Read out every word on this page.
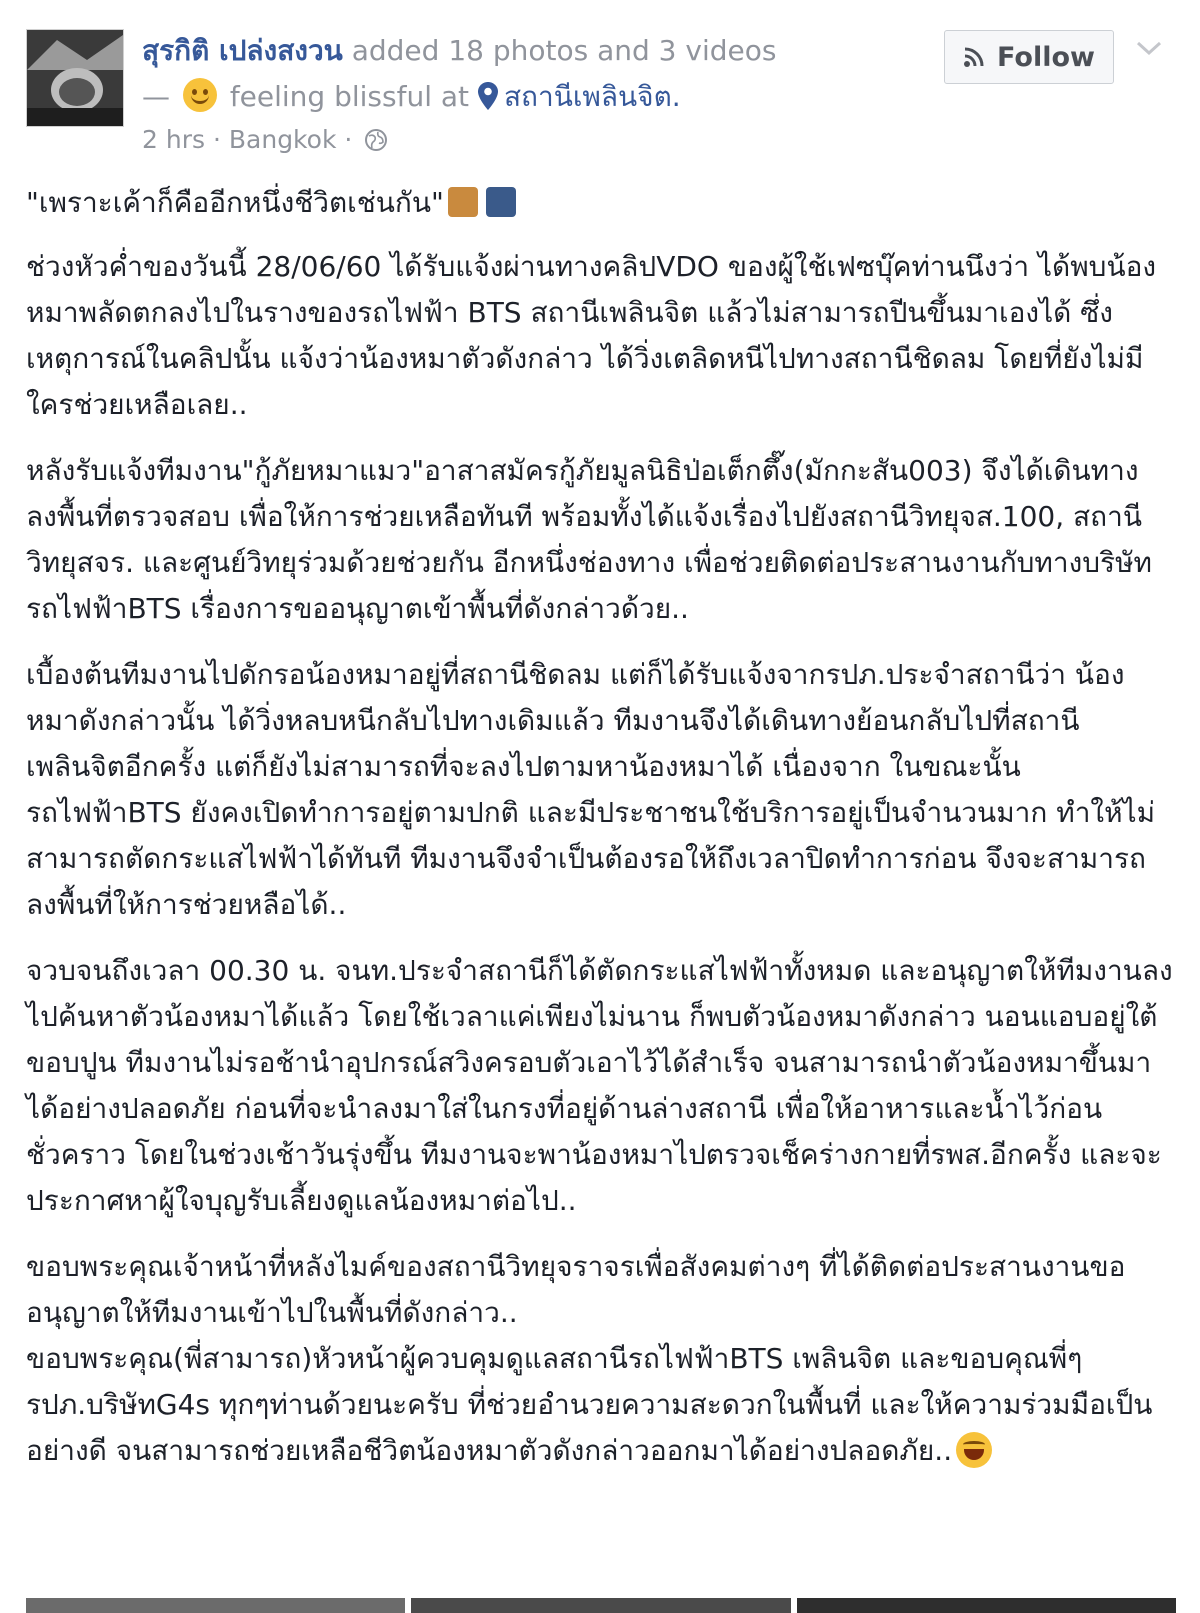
สุรกิติ เปล่งสงวน added 18 photos and 3 videos
— feeling blissful at สถานีเพลินจิต.
2 hrs · Bangkok ·
Follow

"เพราะเค้าก็คืออีกหนึ่งชีวิตเช่นกัน"

ช่วงหัวค่ำของวันนี้ 28/06/60 ได้รับแจ้งผ่านทางคลิปVDO ของผู้ใช้เฟซบุ๊คท่านนึงว่า ได้พบน้องหมาพลัดตกลงไปในรางของรถไฟฟ้า BTS สถานีเพลินจิต แล้วไม่สามารถปีนขึ้นมาเองได้ ซึ่งเหตุการณ์ในคลิปนั้น แจ้งว่าน้องหมาตัวดังกล่าว ได้วิ่งเตลิดหนีไปทางสถานีชิดลม โดยที่ยังไม่มีใครช่วยเหลือเลย..

หลังรับแจ้งทีมงาน"กู้ภัยหมาแมว"อาสาสมัครกู้ภัยมูลนิธิป่อเต็กตึ๊ง(มักกะสัน003) จึงได้เดินทางลงพื้นที่ตรวจสอบ เพื่อให้การช่วยเหลือทันที พร้อมทั้งได้แจ้งเรื่องไปยังสถานีวิทยุจส.100, สถานีวิทยุสจร. และศูนย์วิทยุร่วมด้วยช่วยกัน อีกหนึ่งช่องทาง เพื่อช่วยติดต่อประสานงานกับทางบริษัทรถไฟฟ้าBTS เรื่องการขออนุญาตเข้าพื้นที่ดังกล่าวด้วย..

เบื้องต้นทีมงานไปดักรอน้องหมาอยู่ที่สถานีชิดลม แต่ก็ได้รับแจ้งจากรปภ.ประจำสถานีว่า น้องหมาดังกล่าวนั้น ได้วิ่งหลบหนีกลับไปทางเดิมแล้ว ทีมงานจึงได้เดินทางย้อนกลับไปที่สถานีเพลินจิตอีกครั้ง แต่ก็ยังไม่สามารถที่จะลงไปตามหาน้องหมาได้ เนื่องจาก ในขณะนั้นรถไฟฟ้าBTS ยังคงเปิดทำการอยู่ตามปกติ และมีประชาชนใช้บริการอยู่เป็นจำนวนมาก ทำให้ไม่สามารถตัดกระแสไฟฟ้าได้ทันที ทีมงานจึงจำเป็นต้องรอให้ถึงเวลาปิดทำการก่อน จึงจะสามารถลงพื้นที่ให้การช่วยหลือได้..

จวบจนถึงเวลา 00.30 น. จนท.ประจำสถานีก็ได้ตัดกระแสไฟฟ้าทั้งหมด และอนุญาตให้ทีมงานลงไปค้นหาตัวน้องหมาได้แล้ว โดยใช้เวลาแค่เพียงไม่นาน ก็พบตัวน้องหมาดังกล่าว นอนแอบอยู่ใต้ขอบปูน ทีมงานไม่รอช้านำอุปกรณ์สวิงครอบตัวเอาไว้ได้สำเร็จ จนสามารถนำตัวน้องหมาขึ้นมาได้อย่างปลอดภัย ก่อนที่จะนำลงมาใส่ในกรงที่อยู่ด้านล่างสถานี เพื่อให้อาหารและน้ำไว้ก่อนชั่วคราว โดยในช่วงเช้าวันรุ่งขึ้น ทีมงานจะพาน้องหมาไปตรวจเช็คร่างกายที่รพส.อีกครั้ง และจะประกาศหาผู้ใจบุญรับเลี้ยงดูแลน้องหมาต่อไป..

ขอบพระคุณเจ้าหน้าที่หลังไมค์ของสถานีวิทยุจราจรเพื่อสังคมต่างๆ ที่ได้ติดต่อประสานงานขออนุญาตให้ทีมงานเข้าไปในพื้นที่ดังกล่าว..
ขอบพระคุณ(พี่สามารถ)หัวหน้าผู้ควบคุมดูแลสถานีรถไฟฟ้าBTS เพลินจิต และขอบคุณพี่ๆรปภ.บริษัทG4s ทุกๆท่านด้วยนะครับ ที่ช่วยอำนวยความสะดวกในพื้นที่ และให้ความร่วมมือเป็นอย่างดี จนสามารถช่วยเหลือชีวิตน้องหมาตัวดังกล่าวออกมาได้อย่างปลอดภัย..
